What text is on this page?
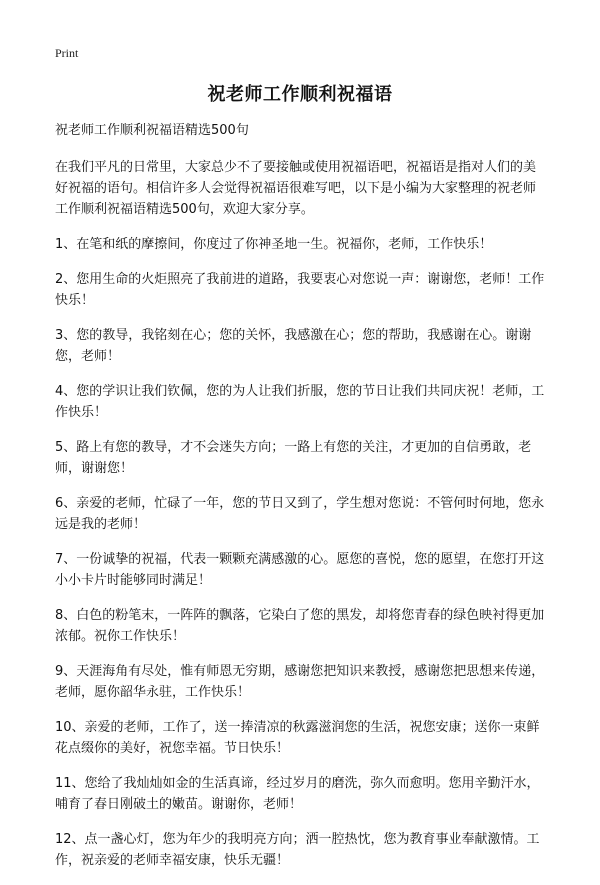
Print
祝老师工作顺利祝福语

祝老师工作顺利祝福语精选500句

在我们平凡的日常里，大家总少不了要接触或使用祝福语吧，祝福语是指对人们的美好祝福的语句。相信许多人会觉得祝福语很难写吧，以下是小编为大家整理的祝老师工作顺利祝福语精选500句，欢迎大家分享。

1、在笔和纸的摩擦间，你度过了你神圣地一生。祝福你，老师，工作快乐！

2、您用生命的火炬照亮了我前进的道路，我要衷心对您说一声：谢谢您，老师！工作快乐！

3、您的教导，我铭刻在心；您的关怀，我感激在心；您的帮助，我感谢在心。谢谢您，老师！

4、您的学识让我们钦佩，您的为人让我们折服，您的节日让我们共同庆祝！老师，工作快乐！

5、路上有您的教导，才不会迷失方向；一路上有您的关注，才更加的自信勇敢，老师，谢谢您！

6、亲爱的老师，忙碌了一年，您的节日又到了，学生想对您说：不管何时何地，您永远是我的老师！

7、一份诚挚的祝福，代表一颗颗充满感激的心。愿您的喜悦，您的愿望，在您打开这小小卡片时能够同时满足！

8、白色的粉笔末，一阵阵的飘落，它染白了您的黑发，却将您青春的绿色映衬得更加浓郁。祝你工作快乐！

9、天涯海角有尽处，惟有师恩无穷期，感谢您把知识来教授，感谢您把思想来传递，老师，愿你韶华永驻，工作快乐！

10、亲爱的老师，工作了，送一捧清凉的秋露滋润您的生活，祝您安康；送你一束鲜花点缀你的美好，祝您幸福。节日快乐！

11、您给了我灿灿如金的生活真谛，经过岁月的磨洗，弥久而愈明。您用辛勤汗水，哺育了春日刚破土的嫩苗。谢谢你，老师！

12、点一盏心灯，您为年少的我明亮方向；洒一腔热忱，您为教育事业奉献激情。工作，祝亲爱的老师幸福安康，快乐无疆！
